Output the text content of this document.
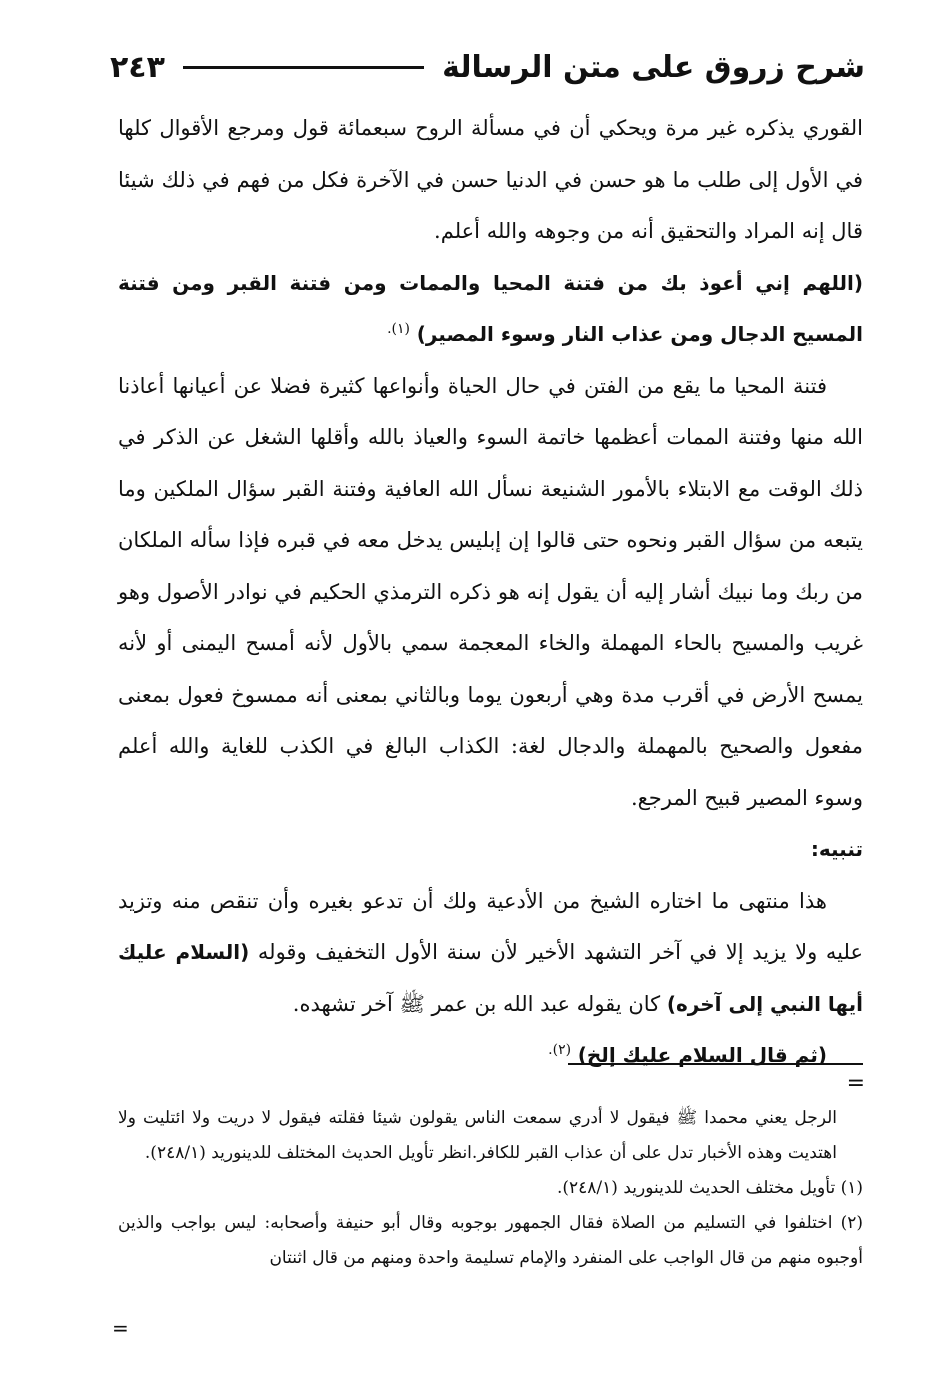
شرح زروق على متن الرسالة
٢٤٣

القوري يذكره غير مرة ويحكي أن في مسألة الروح سبعمائة قول ومرجع الأقوال كلها في الأول إلى طلب ما هو حسن في الدنيا حسن في الآخرة فكل من فهم في ذلك شيئا قال إنه المراد والتحقيق أنه من وجوهه والله أعلم.

(اللهم إني أعوذ بك من فتنة المحيا والممات ومن فتنة القبر ومن فتنة المسيح الدجال ومن عذاب النار وسوء المصير) $^{(١).}$

فتنة المحيا ما يقع من الفتن في حال الحياة وأنواعها كثيرة فضلا عن أعيانها أعاذنا الله منها وفتنة الممات أعظمها خاتمة السوء والعياذ بالله وأقلها الشغل عن الذكر في ذلك الوقت مع الابتلاء بالأمور الشنيعة نسأل الله العافية وفتنة القبر سؤال الملكين وما يتبعه من سؤال القبر ونحوه حتى قالوا إن إبليس يدخل معه في قبره فإذا سأله الملكان من ربك وما نبيك أشار إليه أن يقول إنه هو ذكره الترمذي الحكيم في نوادر الأصول وهو غريب والمسيح بالحاء المهملة والخاء المعجمة سمي بالأول لأنه أمسح اليمنى أو لأنه يمسح الأرض في أقرب مدة وهي أربعون يوما وبالثاني بمعنى أنه ممسوخ فعول بمعنى مفعول والصحيح بالمهملة والدجال لغة: الكذاب البالغ في الكذب للغاية والله أعلم وسوء المصير قبيح المرجع.

تنبيه:

هذا منتهى ما اختاره الشيخ من الأدعية ولك أن تدعو بغيره وأن تنقص منه وتزيد عليه ولا يزيد إلا في آخر التشهد الأخير لأن سنة الأول التخفيف وقوله (السلام عليك أيها النبي إلى آخره) كان يقوله عبد الله بن عمر ﷺ آخر تشهده.

(ثم قال السلام عليك إلخ) $^{(٢).}$

=

الرجل يعني محمدا ﷺ فيقول لا أدري سمعت الناس يقولون شيئا فقلته فيقول لا دريت ولا ائتليت ولا اهتديت وهذه الأخبار تدل على أن عذاب القبر للكافر.انظر تأويل الحديث المختلف للدينوريد (٢٤٨/١).

(١) تأويل مختلف الحديث للدينوريد (٢٤٨/١).

(٢) اختلفوا في التسليم من الصلاة فقال الجمهور بوجوبه وقال أبو حنيفة وأصحابه: ليس بواجب والذين أوجبوه منهم من قال الواجب على المنفرد والإمام تسليمة واحدة ومنهم من قال اثنتان

=
